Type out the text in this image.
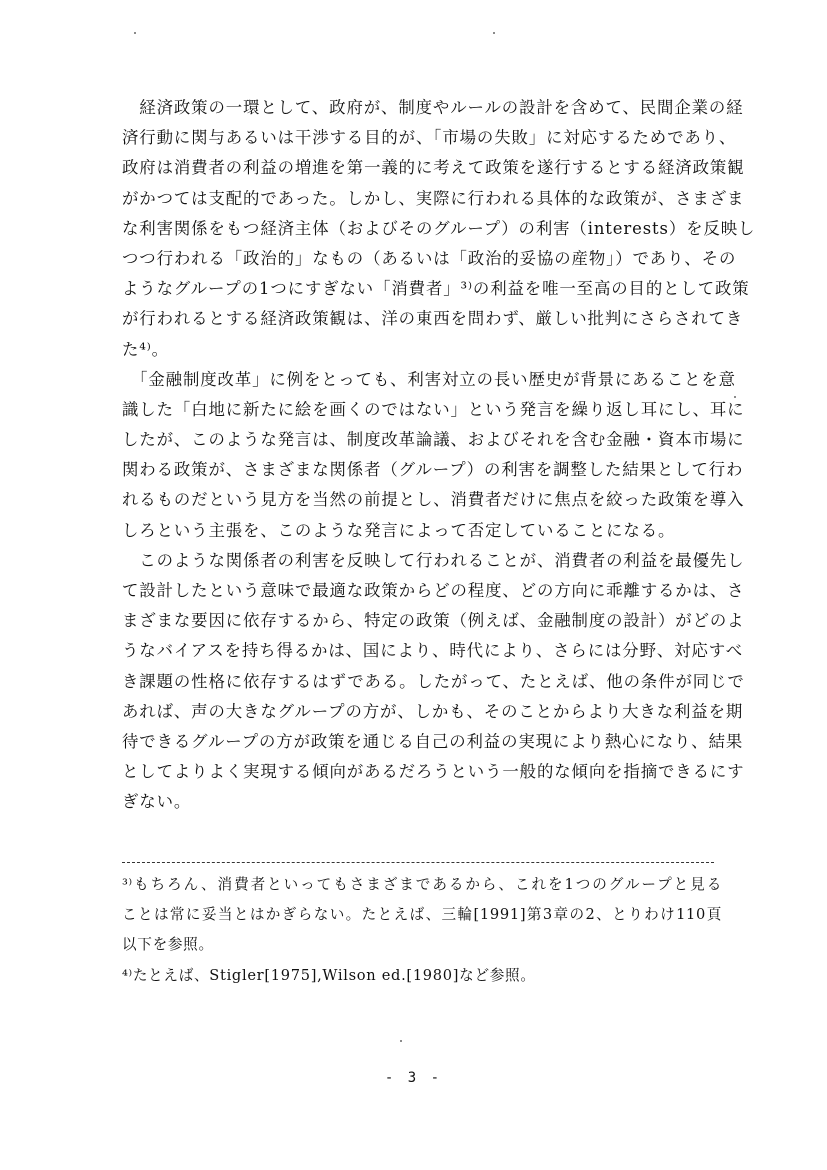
　経済政策の一環として、政府が、制度やルールの設計を含めて、民間企業の経
済行動に関与あるいは干渉する目的が、「市場の失敗」に対応するためであり、
政府は消費者の利益の増進を第一義的に考えて政策を遂行するとする経済政策観
がかつては支配的であった。しかし、実際に行われる具体的な政策が、さまざま
な利害関係をもつ経済主体（およびそのグループ）の利害（interests）を反映し
つつ行われる「政治的」なもの（あるいは「政治的妥協の産物」）であり、その
ようなグループの1つにすぎない「消費者」³⁾の利益を唯一至高の目的として政策
が行われるとする経済政策観は、洋の東西を問わず、厳しい批判にさらされてき
た⁴⁾。

　「金融制度改革」に例をとっても、利害対立の長い歴史が背景にあることを意
識した「白地に新たに絵を画くのではない」という発言を繰り返し耳にし、耳に
したが、このような発言は、制度改革論議、およびそれを含む金融・資本市場に
関わる政策が、さまざまな関係者（グループ）の利害を調整した結果として行わ
れるものだという見方を当然の前提とし、消費者だけに焦点を絞った政策を導入
しろという主張を、このような発言によって否定していることになる。

　このような関係者の利害を反映して行われることが、消費者の利益を最優先し
て設計したという意味で最適な政策からどの程度、どの方向に乖離するかは、さ
まざまな要因に依存するから、特定の政策（例えば、金融制度の設計）がどのよ
うなバイアスを持ち得るかは、国により、時代により、さらには分野、対応すべ
き課題の性格に依存するはずである。したがって、たとえば、他の条件が同じで
あれば、声の大きなグループの方が、しかも、そのことからより大きな利益を期
待できるグループの方が政策を通じる自己の利益の実現により熱心になり、結果
としてよりよく実現する傾向があるだろうという一般的な傾向を指摘できるにす
ぎない。

³⁾もちろん、消費者といってもさまざまであるから、これを1つのグループと見る
ことは常に妥当とはかぎらない。たとえば、三輪[1991]第3章の2、とりわけ110頁
以下を参照。
⁴⁾たとえば、Stigler[1975],Wilson ed.[1980]など参照。
- 3 -
